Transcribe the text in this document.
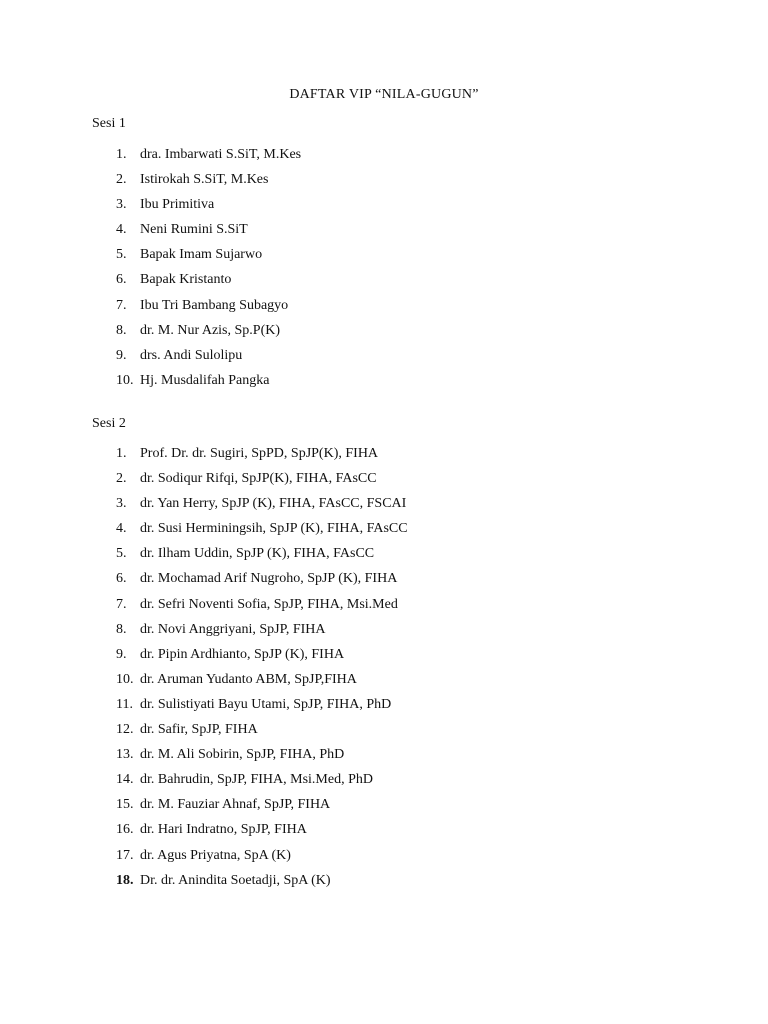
DAFTAR VIP “NILA-GUGUN”
Sesi 1
1. dra. Imbarwati S.SiT, M.Kes
2. Istirokah S.SiT, M.Kes
3. Ibu Primitiva
4. Neni Rumini S.SiT
5. Bapak Imam Sujarwo
6. Bapak Kristanto
7. Ibu Tri Bambang Subagyo
8. dr. M. Nur Azis, Sp.P(K)
9. drs. Andi Sulolipu
10. Hj. Musdalifah Pangka
Sesi 2
1. Prof. Dr. dr. Sugiri, SpPD, SpJP(K), FIHA
2. dr. Sodiqur Rifqi, SpJP(K), FIHA, FAsCC
3. dr. Yan Herry, SpJP (K), FIHA, FAsCC, FSCAI
4. dr. Susi Herminingsih, SpJP (K), FIHA, FAsCC
5. dr. Ilham Uddin, SpJP (K), FIHA, FAsCC
6. dr. Mochamad Arif Nugroho, SpJP (K), FIHA
7. dr. Sefri Noventi Sofia, SpJP, FIHA, Msi.Med
8. dr. Novi Anggriyani, SpJP, FIHA
9. dr. Pipin Ardhianto, SpJP (K), FIHA
10. dr. Aruman Yudanto ABM, SpJP,FIHA
11. dr. Sulistiyati Bayu Utami, SpJP, FIHA, PhD
12. dr. Safir, SpJP, FIHA
13. dr. M. Ali Sobirin, SpJP, FIHA, PhD
14. dr. Bahrudin, SpJP, FIHA, Msi.Med, PhD
15. dr. M. Fauziar Ahnaf, SpJP, FIHA
16. dr. Hari Indratno, SpJP, FIHA
17. dr. Agus Priyatna, SpA (K)
18. Dr. dr. Anindita Soetadji, SpA (K)
